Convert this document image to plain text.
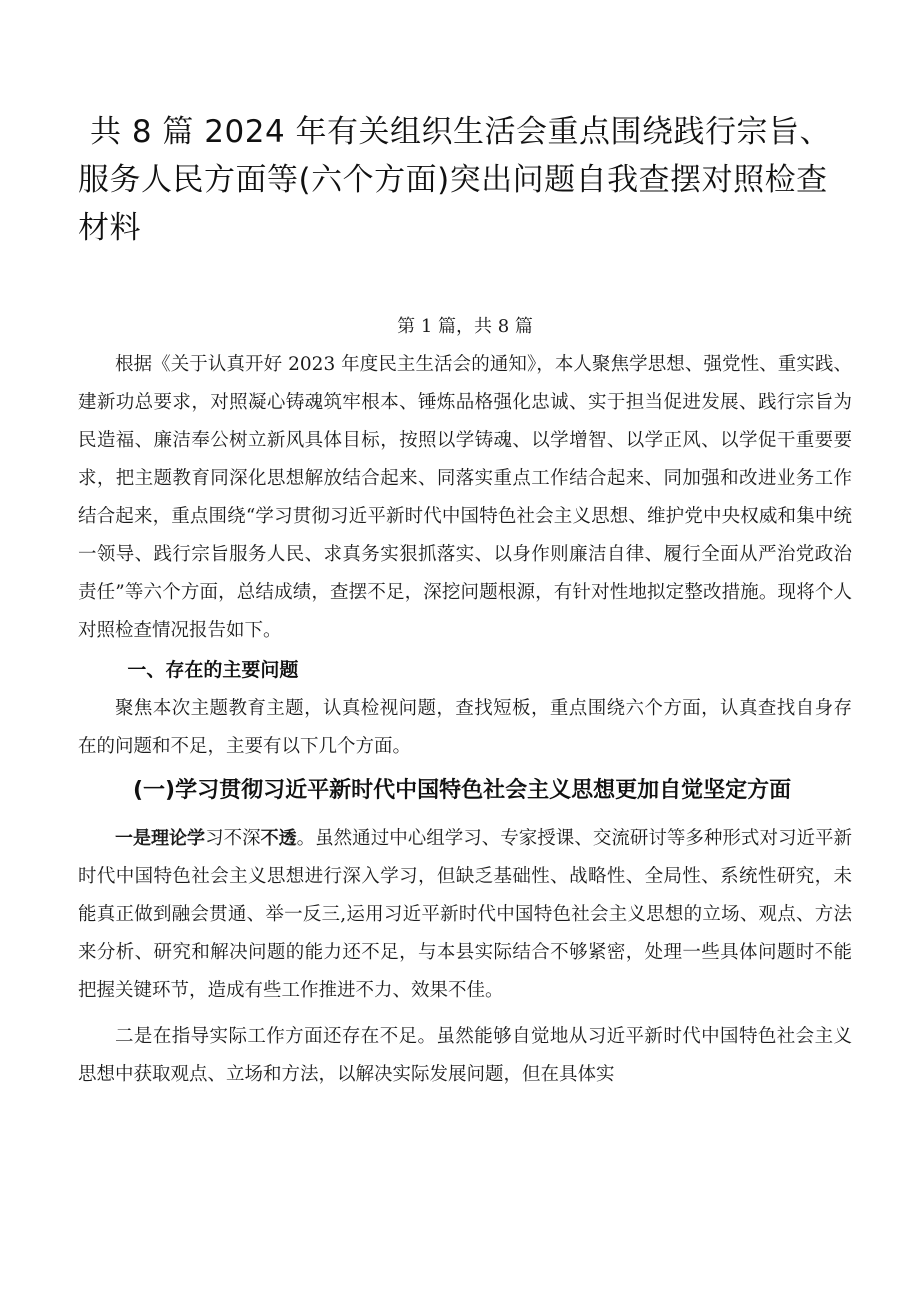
共 8 篇 2024 年有关组织生活会重点围绕践行宗旨、服务人民方面等(六个方面)突出问题自我查摆对照检查材料

第 1 篇，共 8 篇

根据《关于认真开好 2023 年度民主生活会的通知》，本人聚焦学思想、强党性、重实践、建新功总要求，对照凝心铸魂筑牢根本、锤炼品格强化忠诚、实于担当促进发展、践行宗旨为民造福、廉洁奉公树立新风具体目标，按照以学铸魂、以学增智、以学正风、以学促干重要要求，把主题教育同深化思想解放结合起来、同落实重点工作结合起来、同加强和改进业务工作结合起来，重点围绕“学习贯彻习近平新时代中国特色社会主义思想、维护党中央权威和集中统一领导、践行宗旨服务人民、求真务实狠抓落实、以身作则廉洁自律、履行全面从严治党政治责任”等六个方面，总结成绩，查摆不足，深挖问题根源，有针对性地拟定整改措施。现将个人对照检查情况报告如下。

一、存在的主要问题

聚焦本次主题教育主题，认真检视问题，查找短板，重点围绕六个方面，认真查找自身存在的问题和不足，主要有以下几个方面。

(一)学习贯彻习近平新时代中国特色社会主义思想更加自觉坚定方面

一是理论学习不深不透。虽然通过中心组学习、专家授课、交流研讨等多种形式对习近平新时代中国特色社会主义思想进行深入学习，但缺乏基础性、战略性、全局性、系统性研究，未能真正做到融会贯通、举一反三,运用习近平新时代中国特色社会主义思想的立场、观点、方法来分析、研究和解决问题的能力还不足，与本县实际结合不够紧密，处理一些具体问题时不能把握关键环节，造成有些工作推进不力、效果不佳。

二是在指导实际工作方面还存在不足。虽然能够自觉地从习近平新时代中国特色社会主义思想中获取观点、立场和方法，以解决实际发展问题，但在具体实
